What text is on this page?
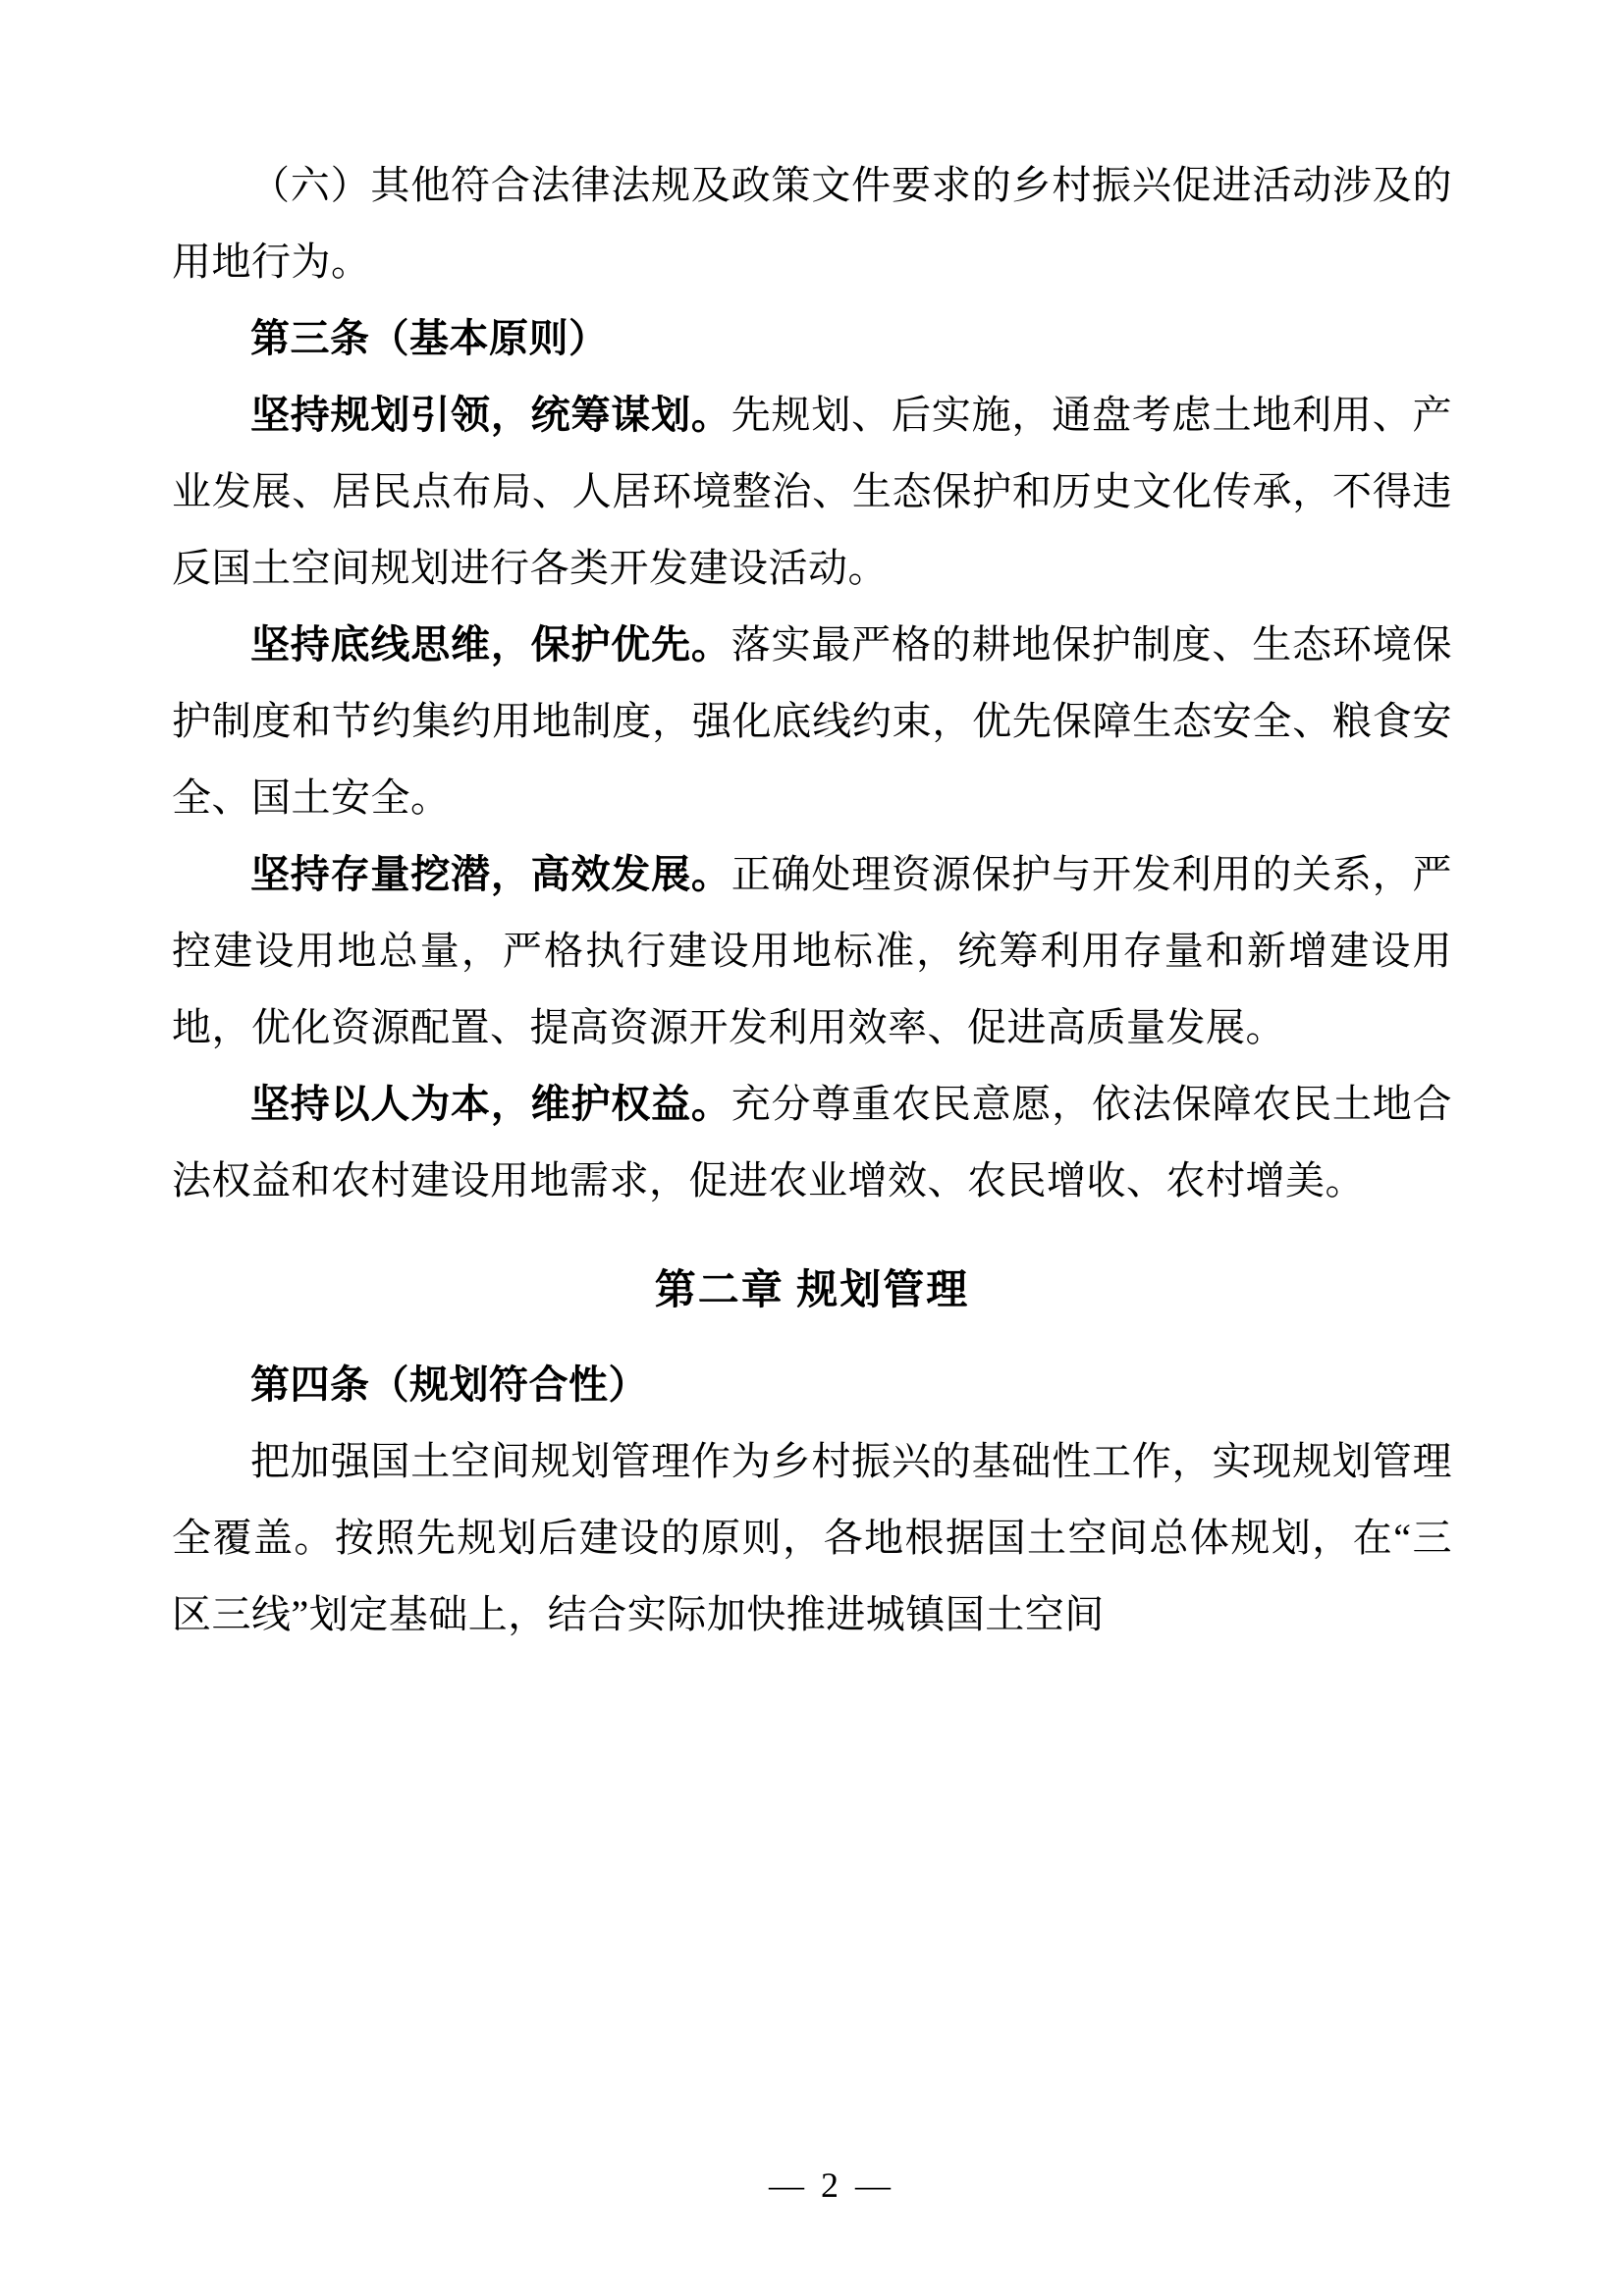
（六）其他符合法律法规及政策文件要求的乡村振兴促进活动涉及的用地行为。

第三条（基本原则）

坚持规划引领，统筹谋划。先规划、后实施，通盘考虑土地利用、产业发展、居民点布局、人居环境整治、生态保护和历史文化传承，不得违反国土空间规划进行各类开发建设活动。

坚持底线思维，保护优先。落实最严格的耕地保护制度、生态环境保护制度和节约集约用地制度，强化底线约束，优先保障生态安全、粮食安全、国土安全。

坚持存量挖潜，高效发展。正确处理资源保护与开发利用的关系，严控建设用地总量，严格执行建设用地标准，统筹利用存量和新增建设用地，优化资源配置、提高资源开发利用效率、促进高质量发展。

坚持以人为本，维护权益。充分尊重农民意愿，依法保障农民土地合法权益和农村建设用地需求，促进农业增效、农民增收、农村增美。

第二章 规划管理

第四条（规划符合性）

把加强国土空间规划管理作为乡村振兴的基础性工作，实现规划管理全覆盖。按照先规划后建设的原则，各地根据国土空间总体规划，在“三区三线”划定基础上，结合实际加快推进城镇国土空间

— 2 —
